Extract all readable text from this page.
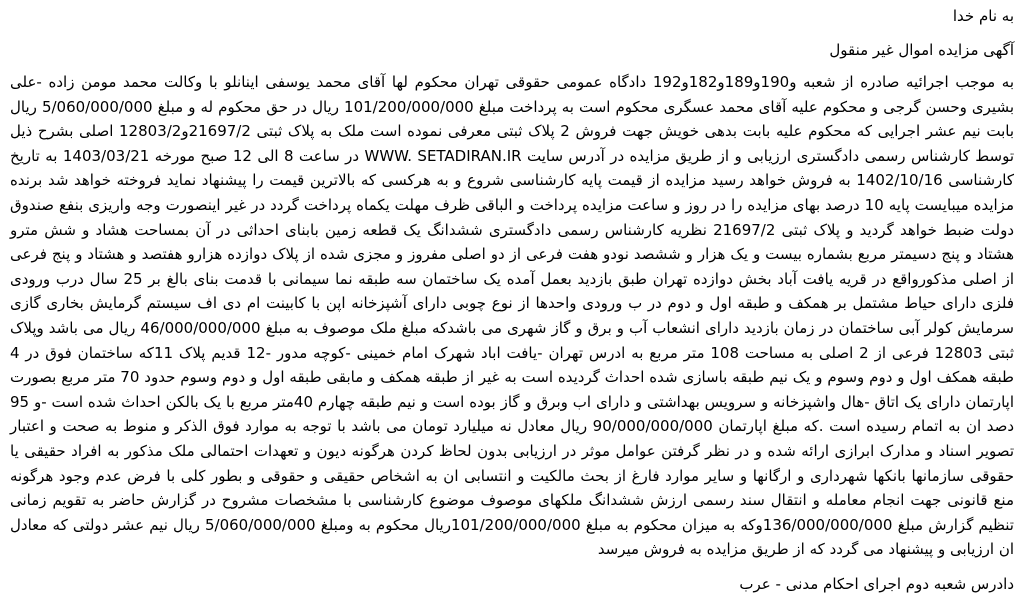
به نام خدا

آگهی مزایده اموال غیر منقول

به موجب اجرائیه صادره از شعبه و190و189و182و192 دادگاه عمومی حقوقی تهران محکوم لها آقای محمد یوسفی اینانلو با وکالت محمد مومن زاده -علی بشیری وحسن گرجی و محکوم علیه آقای محمد عسگری محکوم است به پرداخت مبلغ 101/200/000/000 ریال در حق محکوم له و مبلغ 5/060/000/000 ریال بابت نیم عشر اجرایی که محکوم علیه بابت بدهی خویش جهت فروش 2 پلاک ثبتی معرفی نموده است ملک به پلاک ثبتی 21697/2و12803/2 اصلی بشرح ذیل توسط کارشناس رسمی دادگستری ارزیابی و از طریق مزایده در آدرس سایت WWW. SETADIRAN.IR در ساعت 8 الی 12 صبح مورخه 1403/03/21 به تاریخ کارشناسی 1402/10/16 به فروش خواهد رسید مزایده از قیمت پایه کارشناسی شروع و به هرکسی که بالاترین قیمت را پیشنهاد نماید فروخته خواهد شد برنده مزایده میبایست پایه 10 درصد بهای مزایده را در روز و ساعت مزایده پرداخت و الباقی ظرف مهلت یکماه پرداخت گردد در غیر اینصورت وجه واریزی بنفع صندوق دولت ضبط خواهد گردید و پلاک ثبتی 21697/2 نظریه کارشناس رسمی دادگستری ششدانگ یک قطعه زمین بابنای احداثی در آن بمساحت هشاد و شش مترو هشتاد و پنج دسیمتر مربع بشماره بیست و یک هزار و ششصد نودو هفت فرعی از دو اصلی مفروز و مجزی شده از پلاک دوازده هزارو هفتصد و هشتاد و پنج فرعی از اصلی مذکورواقع در قریه یافت آباد بخش دوازده تهران طبق بازدید بعمل آمده یک ساختمان سه طبقه نما سیمانی با قدمت بنای بالغ بر 25 سال درب ورودی فلزی دارای حیاط مشتمل بر همکف و طبقه اول و دوم در ب ورودی واحدها از نوع چوبی دارای آشپزخانه اپن با کابینت ام دی اف سیستم گرمایش بخاری گازی سرمایش کولر آبی ساختمان در زمان بازدید دارای انشعاب آب و برق و گاز شهری می باشدکه مبلغ ملک موصوف به مبلغ 46/000/000/000 ریال می باشد وپلاک ثبتی 12803 فرعی از 2 اصلی به مساحت 108 متر مربع به ادرس تهران -یافت اباد شهرک امام خمینی -کوچه مدور -12 قدیم پلاک 11که ساختمان فوق در 4 طبقه همکف اول و دوم وسوم و یک نیم طبقه باسازی شده احداث گردیده است به غیر از طبقه همکف و مابقی طبقه اول و دوم وسوم حدود 70 متر مربع بصورت اپارتمان دارای یک اتاق -هال واشپزخانه و سرویس بهداشتی و دارای اب وبرق و گاز بوده است و نیم طبقه چهارم 40متر مربع با یک بالکن احداث شده است -و 95 دصد ان به اتمام رسیده است .که مبلغ اپارتمان 90/000/000/000 ریال معادل نه میلیارد تومان می باشد با توجه به موارد فوق الذکر و منوط به صحت و اعتبار تصویر اسناد و مدارک ابرازی ارائه شده و در نظر گرفتن عوامل موثر در ارزیابی بدون لحاظ کردن هرگونه دیون و تعهدات احتمالی ملک مذکور به افراد حقیقی یا حقوقی سازمانها بانکها شهرداری و ارگانها و سایر موارد فارغ از بحث مالکیت و انتسابی ان به اشخاص حقیقی و حقوقی و بطور کلی با فرض عدم وجود هرگونه منع قانونی جهت انجام معامله و انتقال سند رسمی ارزش ششدانگ ملکهای موصوف موضوع کارشناسی با مشخصات مشروح در گزارش حاضر به تقویم زمانی تنظیم گزارش مبلغ 136/000/000/000وکه به میزان محکوم به مبلغ 101/200/000/000ریال محکوم به ومبلغ 5/060/000/000 ریال نیم عشر دولتی که معادل ان ارزیابی و پیشنهاد می گردد که از طریق مزایده به فروش میرسد

دادرس شعبه دوم اجرای احکام مدنی - عرب
